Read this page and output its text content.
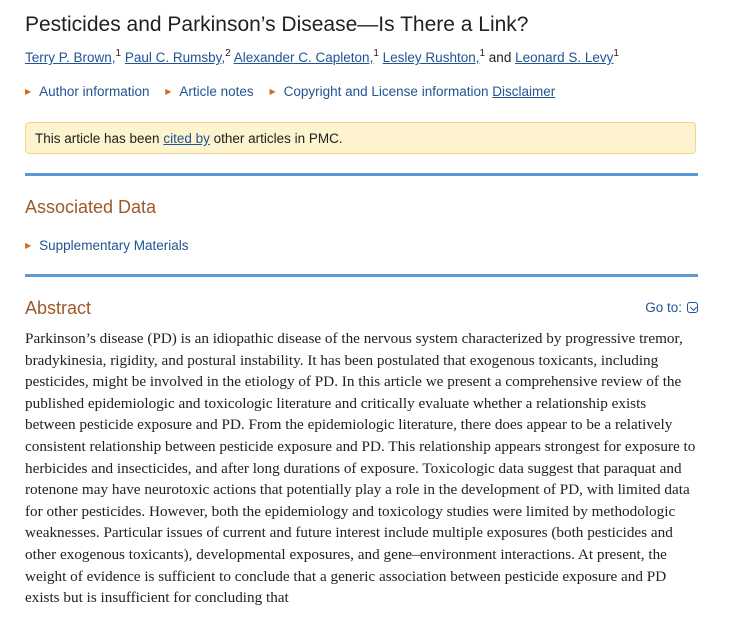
Pesticides and Parkinson’s Disease—Is There a Link?
Terry P. Brown,$^1$ Paul C. Rumsby,$^2$ Alexander C. Capleton,$^1$ Lesley Rushton,$^1$ and Leonard S. Levy$^1$
▶ Author information ▶ Article notes ▶ Copyright and License information Disclaimer
This article has been cited by other articles in PMC.
Associated Data
▶ Supplementary Materials
Abstract	Go to:

Parkinson’s disease (PD) is an idiopathic disease of the nervous system characterized by progressive tremor, bradykinesia, rigidity, and postural instability. It has been postulated that exogenous toxicants, including pesticides, might be involved in the etiology of PD. In this article we present a comprehensive review of the published epidemiologic and toxicologic literature and critically evaluate whether a relationship exists between pesticide exposure and PD. From the epidemiologic literature, there does appear to be a relatively consistent relationship between pesticide exposure and PD. This relationship appears strongest for exposure to herbicides and insecticides, and after long durations of exposure. Toxicologic data suggest that paraquat and rotenone may have neurotoxic actions that potentially play a role in the development of PD, with limited data for other pesticides. However, both the epidemiology and toxicology studies were limited by methodologic weaknesses. Particular issues of current and future interest include multiple exposures (both pesticides and other exogenous toxicants), developmental exposures, and gene–environment interactions. At present, the weight of evidence is sufficient to conclude that a generic association between pesticide exposure and PD exists but is insufficient for concluding that
